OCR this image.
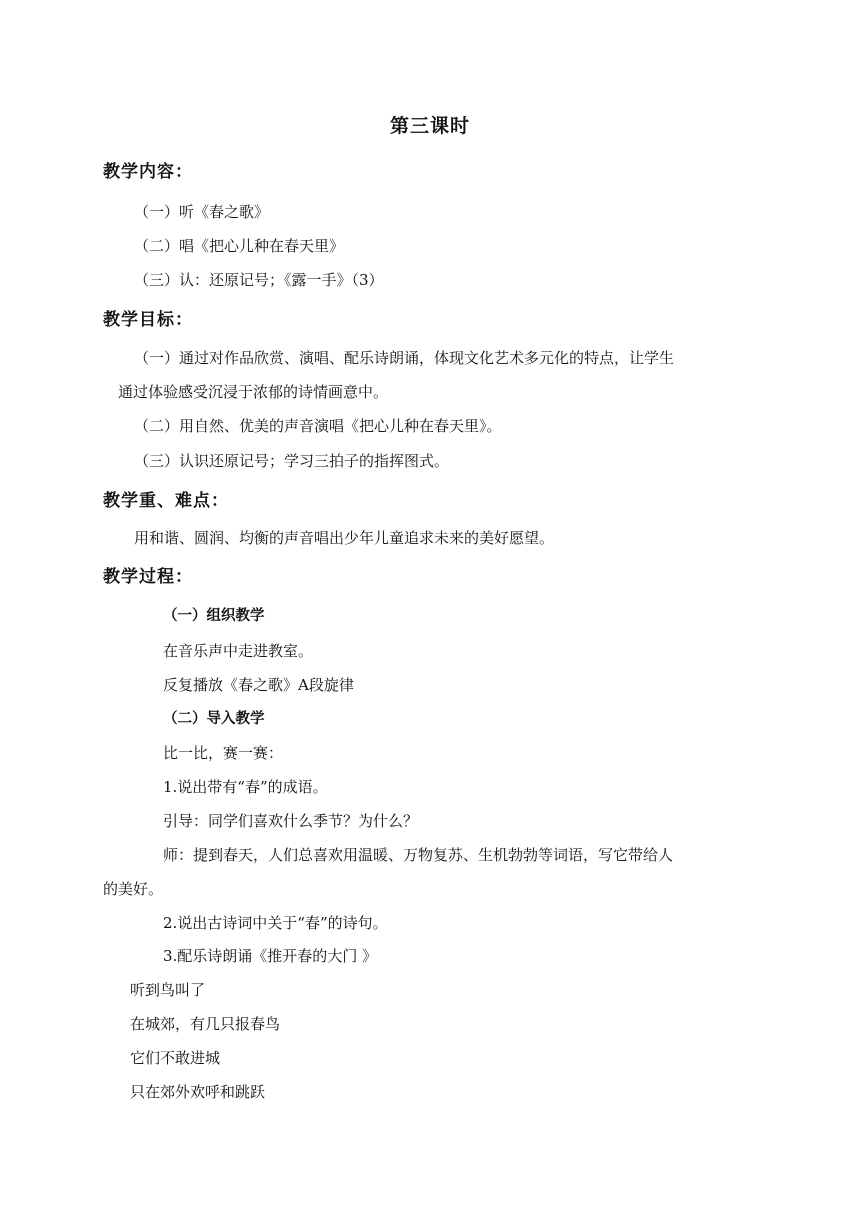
第三课时
教学内容：
（一）听《春之歌》
（二）唱《把心儿种在春天里》
（三）认：还原记号；《露一手》（3）
教学目标：
（一）通过对作品欣赏、演唱、配乐诗朗诵，体现文化艺术多元化的特点，让学生
通过体验感受沉浸于浓郁的诗情画意中。
（二）用自然、优美的声音演唱《把心儿种在春天里》。
（三）认识还原记号；学习三拍子的指挥图式。
教学重、难点：
用和谐、圆润、均衡的声音唱出少年儿童追求未来的美好愿望。
教学过程：
（一）组织教学
在音乐声中走进教室。
反复播放《春之歌》A段旋律
（二）导入教学
比一比，赛一赛：
1.说出带有“春”的成语。
引导：同学们喜欢什么季节？为什么？
师：提到春天，人们总喜欢用温暖、万物复苏、生机勃勃等词语，写它带给人
的美好。
2.说出古诗词中关于“春”的诗句。
3.配乐诗朗诵《推开春的大门 》
听到鸟叫了
在城郊，有几只报春鸟
它们不敢进城
只在郊外欢呼和跳跃
